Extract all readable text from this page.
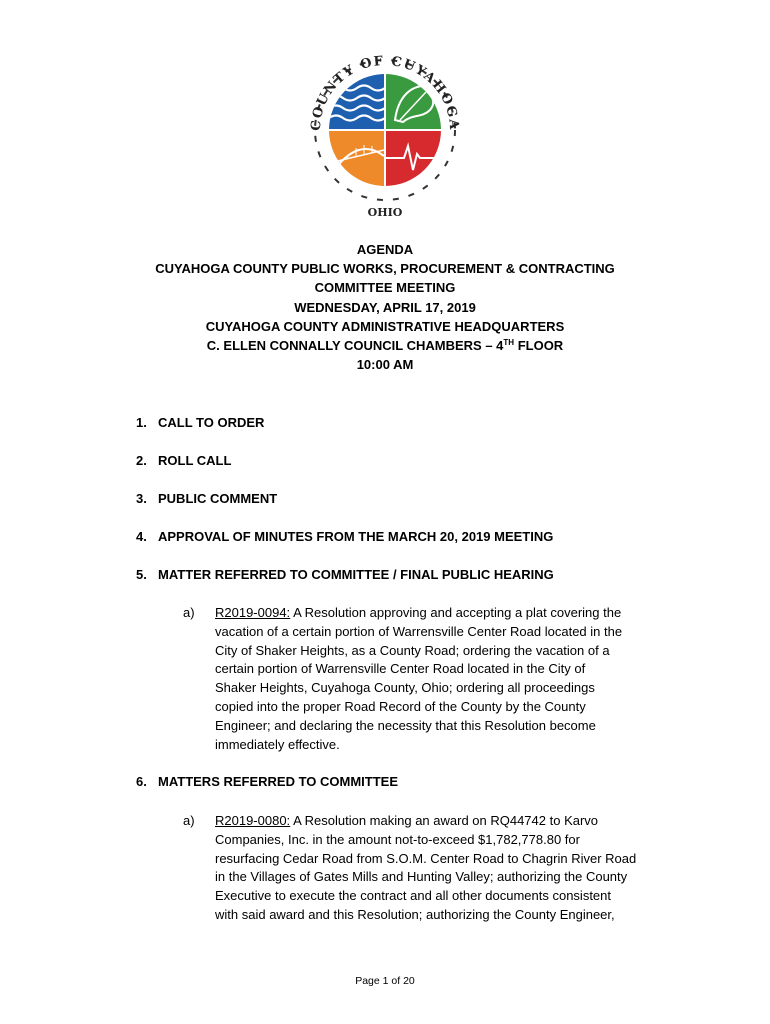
COUNTY OF CUYAHOGA
OHIO
AGENDA
CUYAHOGA COUNTY PUBLIC WORKS, PROCUREMENT & CONTRACTING
COMMITTEE MEETING
WEDNESDAY, APRIL 17, 2019
CUYAHOGA COUNTY ADMINISTRATIVE HEADQUARTERS
C. ELLEN CONNALLY COUNCIL CHAMBERS – 4TH FLOOR
10:00 AM
1. CALL TO ORDER
2. ROLL CALL
3. PUBLIC COMMENT
4. APPROVAL OF MINUTES FROM THE MARCH 20, 2019 MEETING
5. MATTER REFERRED TO COMMITTEE / FINAL PUBLIC HEARING
a) R2019-0094: A Resolution approving and accepting a plat covering the
vacation of a certain portion of Warrensville Center Road located in the
City of Shaker Heights, as a County Road; ordering the vacation of a
certain portion of Warrensville Center Road located in the City of
Shaker Heights, Cuyahoga County, Ohio; ordering all proceedings
copied into the proper Road Record of the County by the County
Engineer; and declaring the necessity that this Resolution become
immediately effective.
6. MATTERS REFERRED TO COMMITTEE
a) R2019-0080: A Resolution making an award on RQ44742 to Karvo
Companies, Inc. in the amount not-to-exceed $1,782,778.80 for
resurfacing Cedar Road from S.O.M. Center Road to Chagrin River Road
in the Villages of Gates Mills and Hunting Valley; authorizing the County
Executive to execute the contract and all other documents consistent
with said award and this Resolution; authorizing the County Engineer,
Page 1 of 20
